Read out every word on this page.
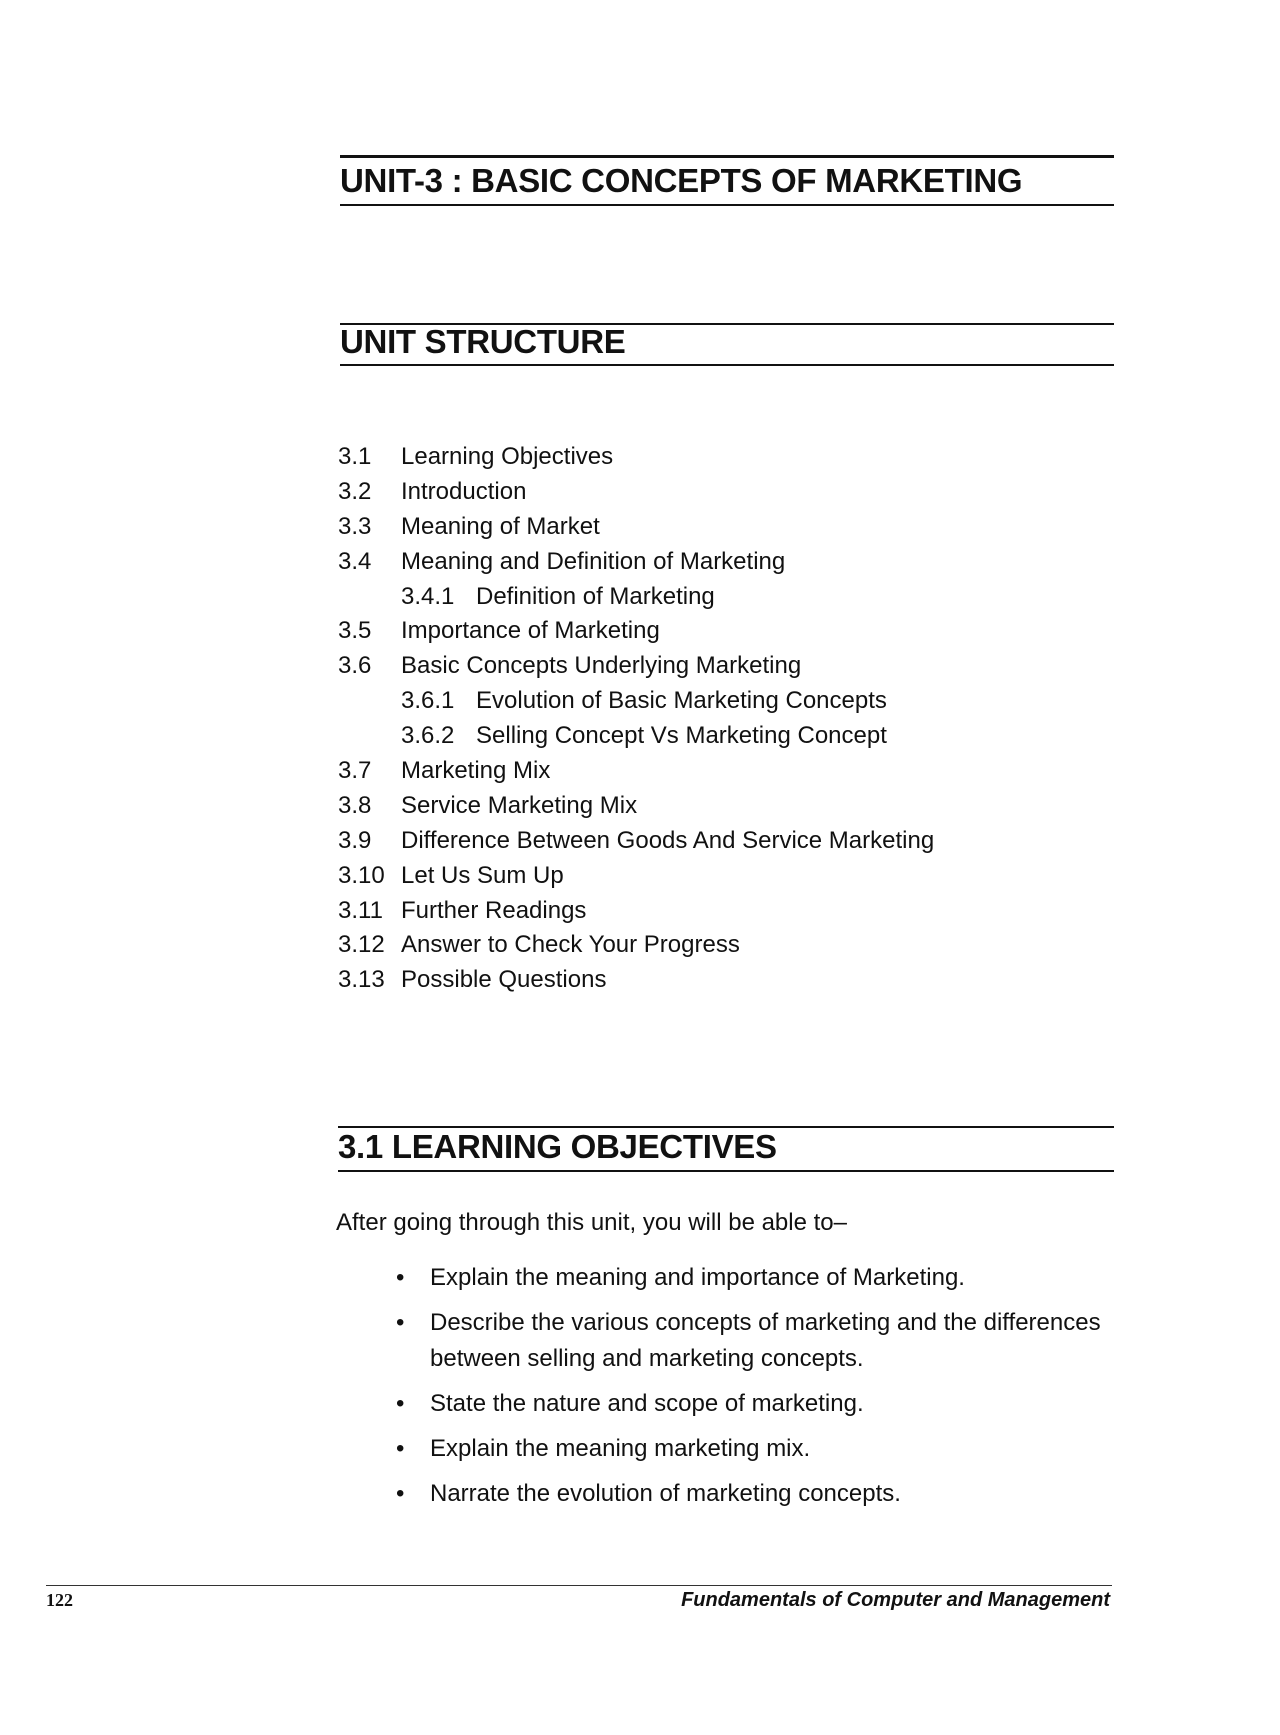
UNIT-3 : BASIC CONCEPTS OF MARKETING
UNIT STRUCTURE
3.1	Learning Objectives
3.2	Introduction
3.3	Meaning of Market
3.4	Meaning and Definition of Marketing
3.4.1 Definition of Marketing
3.5	Importance of Marketing
3.6	Basic Concepts Underlying Marketing
3.6.1 Evolution of Basic Marketing Concepts
3.6.2 Selling Concept Vs Marketing Concept
3.7	Marketing Mix
3.8	Service Marketing Mix
3.9	Difference Between Goods And Service Marketing
3.10 Let Us Sum Up
3.11 Further Readings
3.12 Answer to Check Your Progress
3.13 Possible Questions
3.1 LEARNING OBJECTIVES

After going through this unit, you will be able to–

• Explain the meaning and importance of Marketing.
• Describe the various concepts of marketing and the differences between selling and marketing concepts.
• State the nature and scope of marketing.
• Explain the meaning marketing mix.
• Narrate the evolution of marketing concepts.
122	Fundamentals of Computer and Management
